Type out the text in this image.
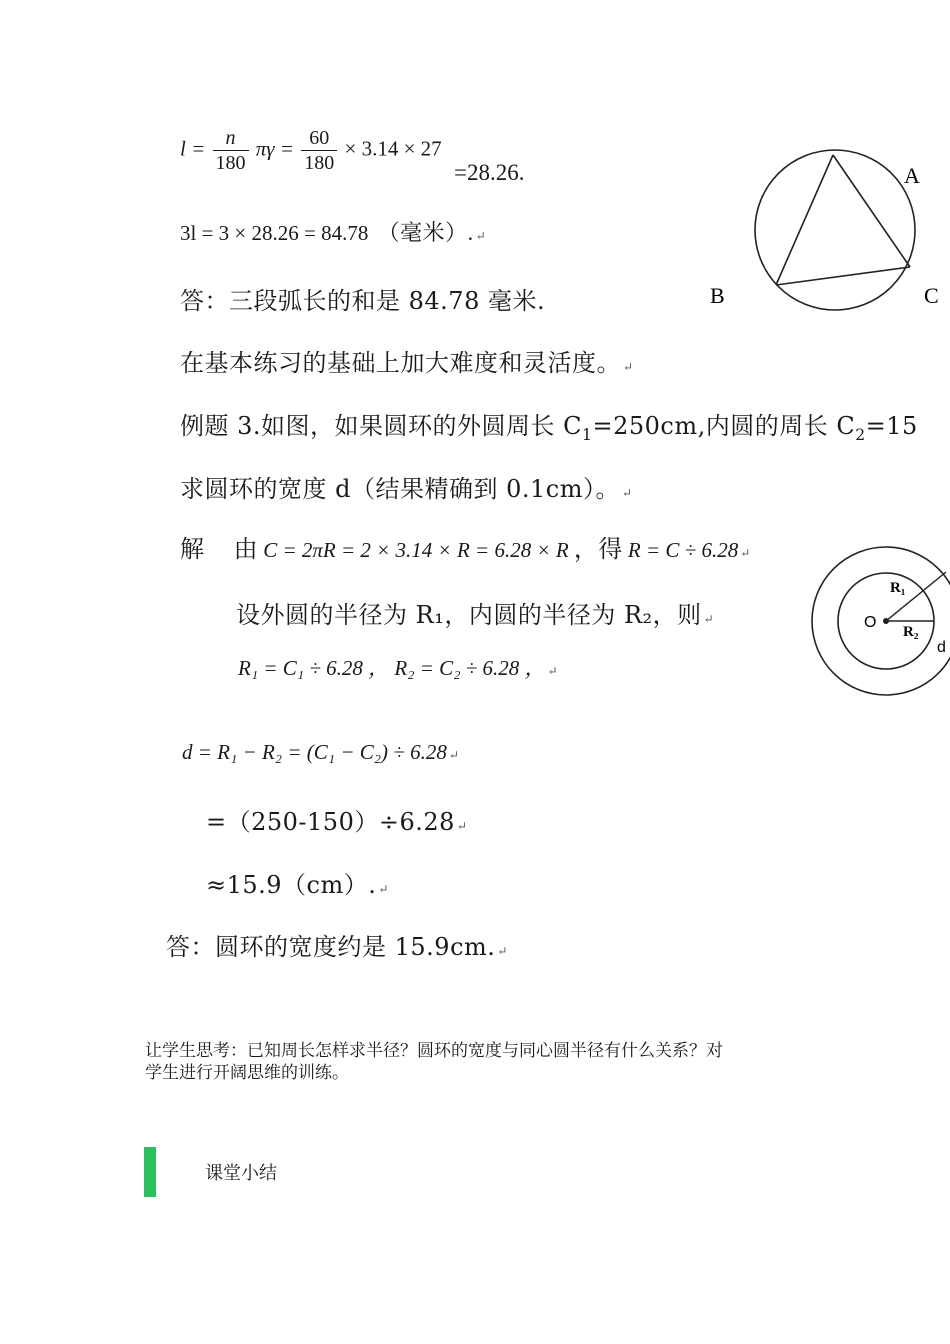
$l = \frac{n}{180}$ $\pi\gamma = \frac{60}{180} \times 3.14 \times 27$
=28.26.
3l = 3 × 28.26 = 84.78 （毫米）. ↵
答：三段弧长的和是 84.78 毫米.
A
B	C
在基本练习的基础上加大难度和灵活度。 ↵
例题 3.如图，如果圆环的外圆周长 $C_1=250cm$,内圆的周长 $C_2=15$
求圆环的宽度 d（结果精确到 0.1cm）。 ↵
解 由 C = 2πR = 2 × 3.14 × R = 6.28 × R ，得 R = C ÷ 6.28 ↵
设外圆的半径为 R₁，内圆的半径为 R₂，则 ↵
R₁ = C₁ ÷ 6.28 ， R₂ = C₂ ÷ 6.28 ， ↵
O
R₁
R₂
d
d = R₁ − R₂ = (C₁ − C₂) ÷ 6.28 ↵
=（250-150）÷6.28 ↵
≈15.9（cm）. ↵
答：圆环的宽度约是 15.9cm. ↵
让学生思考：已知周长怎样求半径？圆环的宽度与同心圆半径有什么关系？对
学生进行开阔思维的训练。
课堂小结
